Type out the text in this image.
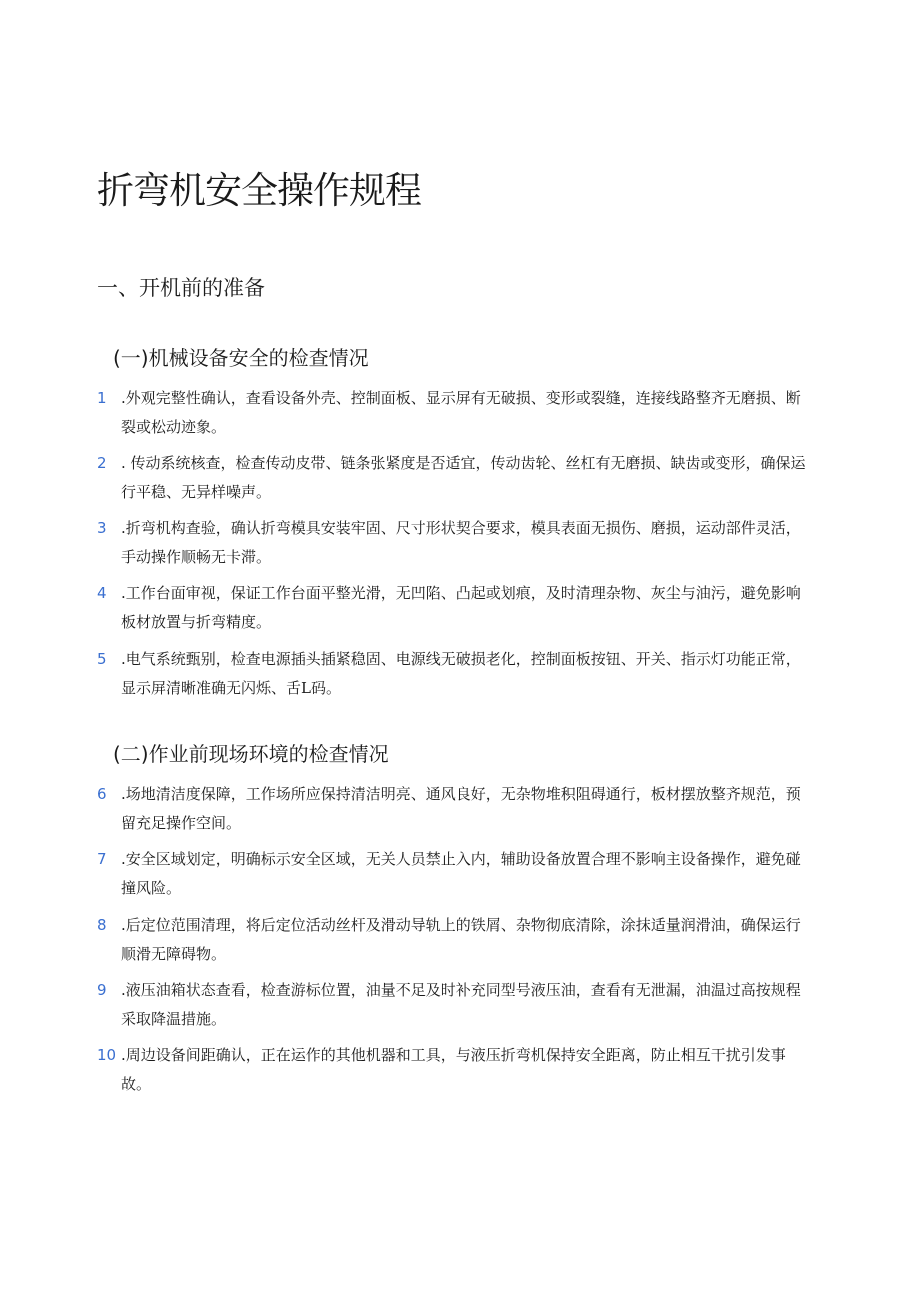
折弯机安全操作规程
一、开机前的准备
(一)机械设备安全的检查情况
1 .外观完整性确认，查看设备外壳、控制面板、显示屏有无破损、变形或裂缝，连接线路整齐无磨损、断裂或松动迹象。
2 . 传动系统核查，检查传动皮带、链条张紧度是否适宜，传动齿轮、丝杠有无磨损、缺齿或变形，确保运行平稳、无异样噪声。
3 .折弯机构查验，确认折弯模具安装牢固、尺寸形状契合要求，模具表面无损伤、磨损，运动部件灵活，手动操作顺畅无卡滞。
4 .工作台面审视，保证工作台面平整光滑，无凹陷、凸起或划痕，及时清理杂物、灰尘与油污，避免影响板材放置与折弯精度。
5 .电气系统甄别，检查电源插头插紧稳固、电源线无破损老化，控制面板按钮、开关、指示灯功能正常，显示屏清晰准确无闪烁、舌L码。
(二)作业前现场环境的检查情况
6 .场地清洁度保障，工作场所应保持清洁明亮、通风良好，无杂物堆积阻碍通行，板材摆放整齐规范，预留充足操作空间。
7 .安全区域划定，明确标示安全区域，无关人员禁止入内，辅助设备放置合理不影响主设备操作，避免碰撞风险。
8 .后定位范围清理，将后定位活动丝杆及滑动导轨上的铁屑、杂物彻底清除，涂抹适量润滑油，确保运行顺滑无障碍物。
9 .液压油箱状态查看，检查游标位置，油量不足及时补充同型号液压油，查看有无泄漏，油温过高按规程采取降温措施。
10 .周边设备间距确认，正在运作的其他机器和工具，与液压折弯机保持安全距离，防止相互干扰引发事故。
